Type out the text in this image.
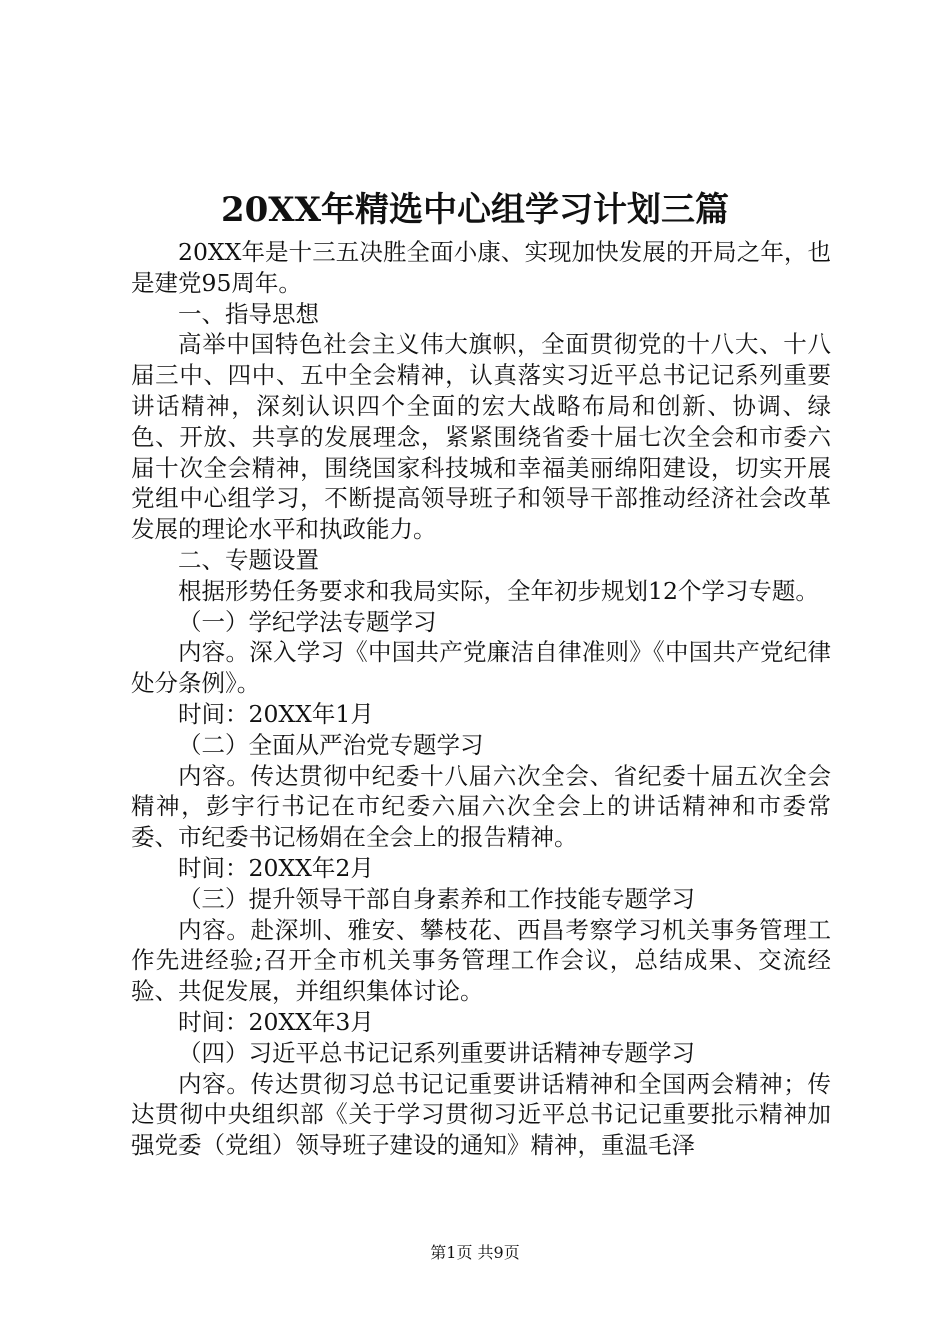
20XX年精选中心组学习计划三篇

20XX年是十三五决胜全面小康、实现加快发展的开局之年，也是建党95周年。

一、指导思想

高举中国特色社会主义伟大旗帜，全面贯彻党的十八大、十八届三中、四中、五中全会精神，认真落实习近平总书记记系列重要讲话精神，深刻认识四个全面的宏大战略布局和创新、协调、绿色、开放、共享的发展理念，紧紧围绕省委十届七次全会和市委六届十次全会精神，围绕国家科技城和幸福美丽绵阳建设，切实开展党组中心组学习，不断提高领导班子和领导干部推动经济社会改革发展的理论水平和执政能力。

二、专题设置

根据形势任务要求和我局实际，全年初步规划12个学习专题。

（一）学纪学法专题学习

内容。深入学习《中国共产党廉洁自律准则》《中国共产党纪律处分条例》。

时间：20XX年1月

（二）全面从严治党专题学习

内容。传达贯彻中纪委十八届六次全会、省纪委十届五次全会精神，彭宇行书记在市纪委六届六次全会上的讲话精神和市委常委、市纪委书记杨娟在全会上的报告精神。

时间：20XX年2月

（三）提升领导干部自身素养和工作技能专题学习

内容。赴深圳、雅安、攀枝花、西昌考察学习机关事务管理工作先进经验;召开全市机关事务管理工作会议，总结成果、交流经验、共促发展，并组织集体讨论。

时间：20XX年3月

（四）习近平总书记记系列重要讲话精神专题学习

内容。传达贯彻习总书记记重要讲话精神和全国两会精神；传达贯彻中央组织部《关于学习贯彻习近平总书记记重要批示精神加强党委（党组）领导班子建设的通知》精神，重温毛泽

第1页 共9页
